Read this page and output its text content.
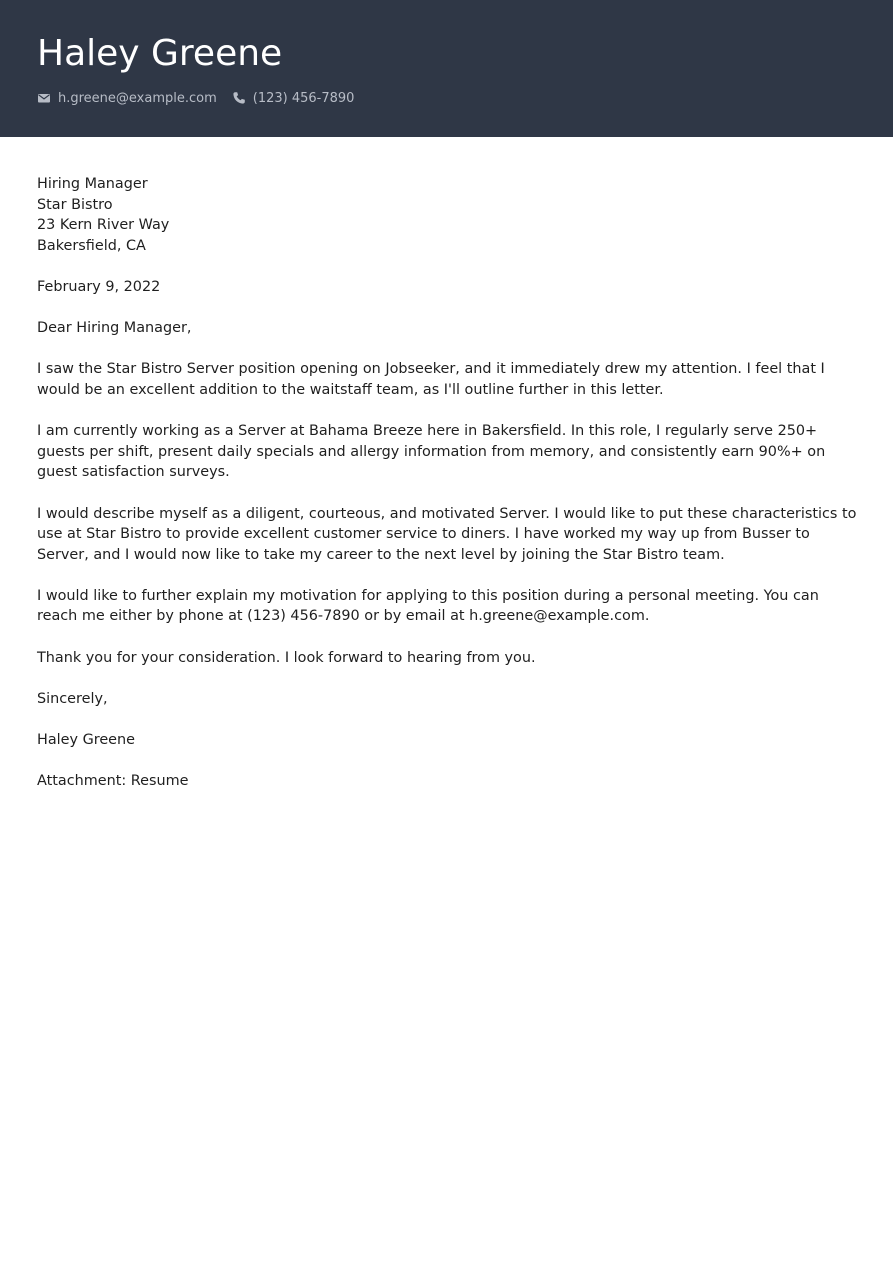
Haley Greene
h.greene@example.com	(123) 456-7890

Hiring Manager
Star Bistro
23 Kern River Way
Bakersfield, CA

February 9, 2022

Dear Hiring Manager,

I saw the Star Bistro Server position opening on Jobseeker, and it immediately drew my attention. I feel that I would be an excellent addition to the waitstaff team, as I'll outline further in this letter.

I am currently working as a Server at Bahama Breeze here in Bakersfield. In this role, I regularly serve 250+ guests per shift, present daily specials and allergy information from memory, and consistently earn 90%+ on guest satisfaction surveys.

I would describe myself as a diligent, courteous, and motivated Server. I would like to put these characteristics to use at Star Bistro to provide excellent customer service to diners. I have worked my way up from Busser to Server, and I would now like to take my career to the next level by joining the Star Bistro team.

I would like to further explain my motivation for applying to this position during a personal meeting. You can reach me either by phone at (123) 456-7890 or by email at h.greene@example.com.

Thank you for your consideration. I look forward to hearing from you.

Sincerely,

Haley Greene

Attachment: Resume
